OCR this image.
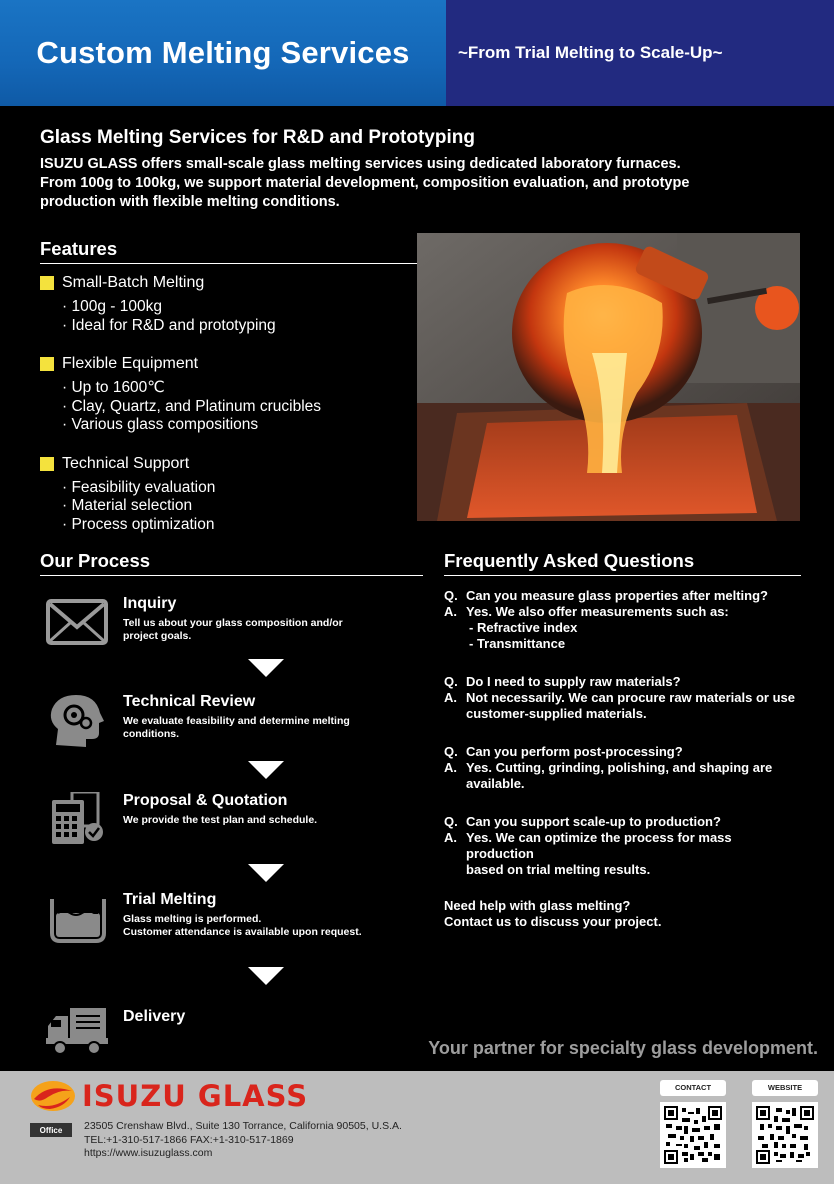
Custom Melting Services	~From Trial Melting to Scale-Up~
Glass Melting Services for R&D and Prototyping

ISUZU GLASS offers small-scale glass melting services using dedicated laboratory furnaces.
From 100g to 100kg, we support material development, composition evaluation, and prototype
production with flexible melting conditions.

Features
Small-Batch Melting
· 100g - 100kg
· Ideal for R&D and prototyping
Flexible Equipment
· Up to 1600℃
· Clay, Quartz, and Platinum crucibles
· Various glass compositions
Technical Support
· Feasibility evaluation
· Material selection
· Process optimization
Our Process
Inquiry
Tell us about your glass composition and/or
project goals.
Technical Review
We evaluate feasibility and determine melting
conditions.
Proposal & Quotation
We provide the test plan and schedule.
Trial Melting
Glass melting is performed.
Customer attendance is available upon request.
Delivery
Frequently Asked Questions
Q. Can you measure glass properties after melting?
A. Yes. We also offer measurements such as:
- Refractive index
- Transmittance
Q. Do I need to supply raw materials?
A. Not necessarily. We can procure raw materials or use
customer-supplied materials.
Q. Can you perform post-processing?
A. Yes. Cutting, grinding, polishing, and shaping are
available.
Q. Can you support scale-up to production?
A. Yes. We can optimize the process for mass production
based on trial melting results.
Need help with glass melting?
Contact us to discuss your project.
Your partner for specialty glass development.
ISUZU GLASS
Office	23505 Crenshaw Blvd., Suite 130 Torrance, California 90505, U.S.A.
TEL:+1-310-517-1866 FAX:+1-310-517-1869
https://www.isuzuglass.com
CONTACT	WEBSITE
